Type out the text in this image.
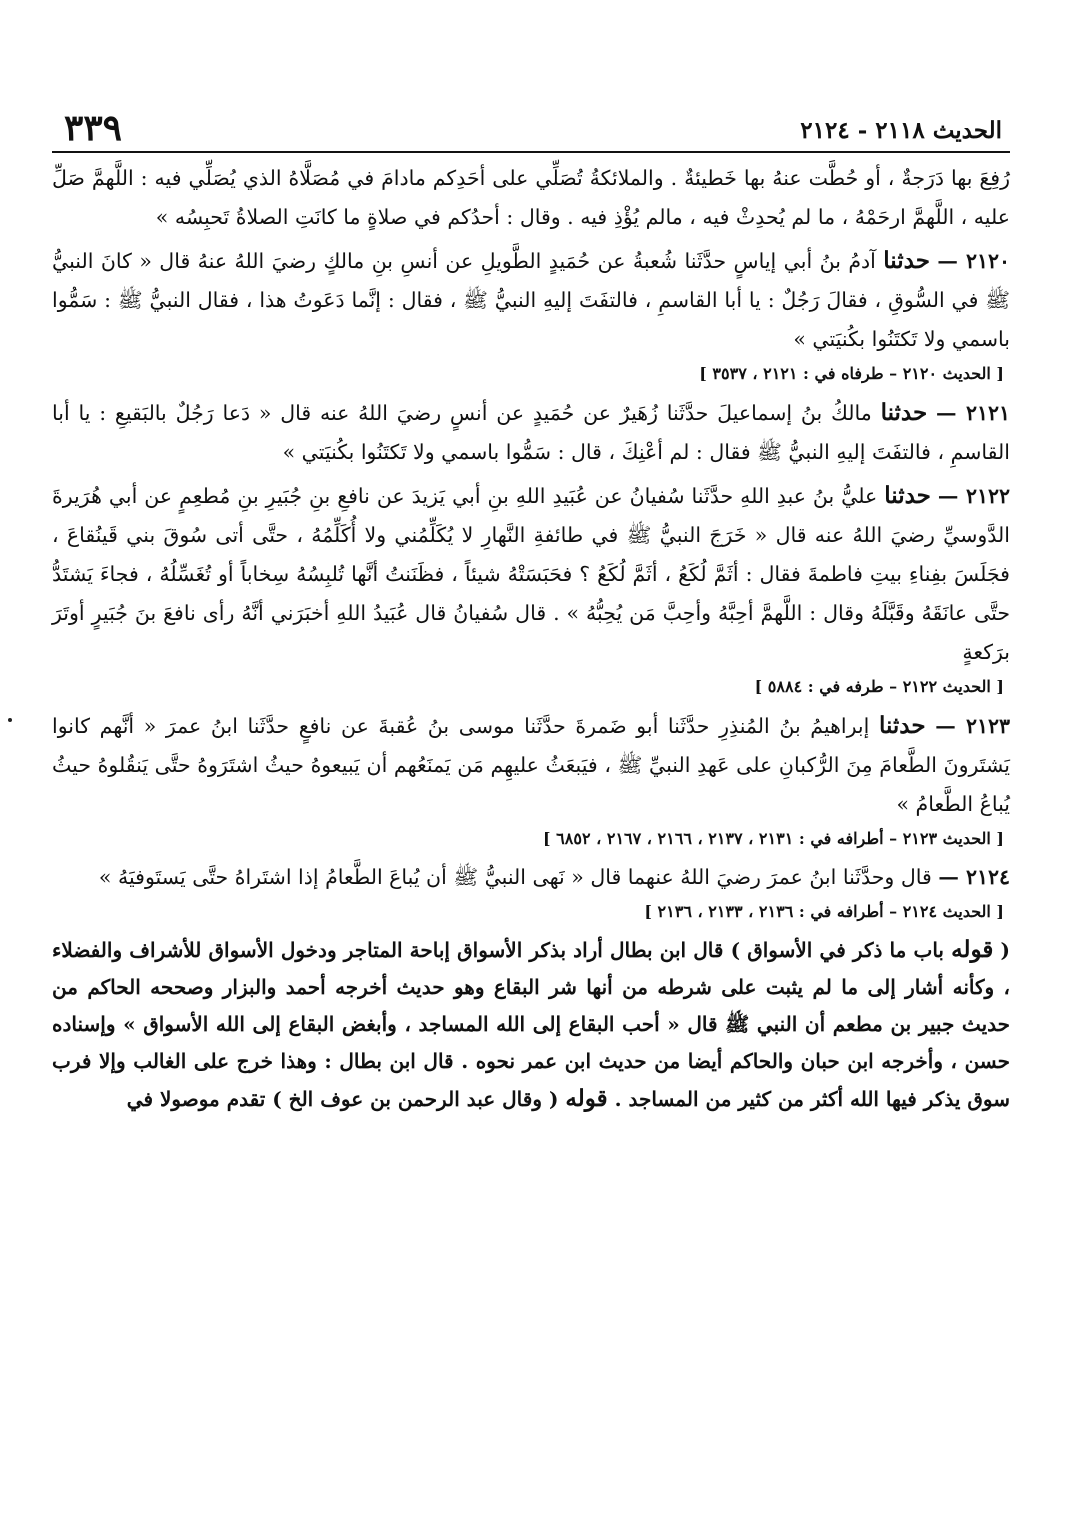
٣٣٩	الحديث ٢١١٨ - ٢١٢٤

رُفِعَ بها دَرَجةٌ ، أو حُطَّت عنهُ بها خَطيئةٌ . والملائكةُ تُصَلِّي على أحَدِكم مادامَ في مُصَلَّاهُ الذي يُصَلِّي فيه : اللَّهمَّ صَلِّ عليه ، اللَّهمَّ ارحَمْهُ ، ما لم يُحدِثْ فيه ، مالم يُؤْذِ فيه . وقال : أحدُكم في صلاةٍ ما كانَتِ الصلاةُ تَحبِسُه »

٢١٢٠ — حدثنا آدمُ بنُ أبي إياسٍ حدَّثَنا شُعبةُ عن حُمَيدٍ الطَّويلِ عن أنسِ بنِ مالكٍ رضيَ اللهُ عنهُ قال « كانَ النبيُّ ﷺ في السُّوقِ ، فقالَ رَجُلٌ : يا أبا القاسمِ ، فالتفَتَ إليهِ النبيُّ ﷺ ، فقال : إنَّما دَعَوتُ هذا ، فقال النبيُّ ﷺ : سَمُّوا باسمي ولا تَكتَنُوا بكُنيَتي »

[ الحديث ٢١٢٠ – طرفاه في : ٢١٢١ ، ٣٥٣٧ ]

٢١٢١ — حدثنا مالكُ بنُ إسماعيلَ حدَّثَنا زُهَيرٌ عن حُمَيدٍ عن أنسٍ رضيَ اللهُ عنه قال « دَعا رَجُلٌ بالبَقيعِ : يا أبا القاسمِ ، فالتفَتَ إليهِ النبيُّ ﷺ فقال : لم أعْنِكَ ، قال : سَمُّوا باسمي ولا تَكتَنُوا بكُنيَتي »

٢١٢٢ — حدثنا عليُّ بنُ عبدِ اللهِ حدَّثَنا سُفيانُ عن عُبَيدِ اللهِ بنِ أبي يَزيدَ عن نافعِ بنِ جُبَيرِ بنِ مُطعِمٍ عن أبي هُرَيرةَ الدَّوسيِّ رضيَ اللهُ عنه قال « خَرَجَ النبيُّ ﷺ في طائفةِ النَّهارِ لا يُكَلِّمُني ولا أُكَلِّمُهُ ، حتَّى أتى سُوقَ بني قَينُقاعَ ، فجَلَسَ بفِناءِ بيتِ فاطمةَ فقال : أثَمَّ لُكَعُ ، أثَمَّ لُكَعُ ؟ فحَبَسَتْهُ شيئاً ، فظَنَنتُ أنَّها تُلبِسُهُ سِخاباً أو تُغَسِّلُهُ ، فجاءَ يَشتَدُّ حتَّى عانَقَهُ وقَبَّلَهُ وقال : اللَّهمَّ أحِبَّهُ وأحِبَّ مَن يُحِبُّهُ » . قال سُفيانُ قال عُبَيدُ اللهِ أخبَرَني أنَّهُ رأى نافعَ بنَ جُبَيرٍ أوتَرَ برَكعةٍ

[ الحديث ٢١٢٢ – طرفه في : ٥٨٨٤ ]

٢١٢٣ — حدثنا إبراهيمُ بنُ المُنذِرِ حدَّثَنا أبو ضَمرةَ حدَّثَنا موسى بنُ عُقبةَ عن نافعٍ حدَّثَنا ابنُ عمرَ « أنَّهم كانوا يَشتَرونَ الطَّعامَ مِنَ الرُّكبانِ على عَهدِ النبيِّ ﷺ ، فيَبعَثُ عليهِم مَن يَمنَعُهم أن يَبيعوهُ حيثُ اشتَرَوهُ حتَّى يَنقُلوهُ حيثُ يُباعُ الطَّعامُ »

[ الحديث ٢١٢٣ – أطرافه في : ٢١٣١ ، ٢١٣٧ ، ٢١٦٦ ، ٢١٦٧ ، ٦٨٥٢ ]

٢١٢٤ — قال وحدَّثَنا ابنُ عمرَ رضيَ اللهُ عنهما قال « نَهى النبيُّ ﷺ أن يُباعَ الطَّعامُ إذا اشتَراهُ حتَّى يَستَوفيَهُ »

[ الحديث ٢١٢٤ – أطرافه في : ٢١٣٦ ، ٢١٣٣ ، ٢١٣٦ ]

( قوله باب ما ذكر في الأسواق ) قال ابن بطال أراد بذكر الأسواق إباحة المتاجر ودخول الأسواق للأشراف والفضلاء ، وكأنه أشار إلى ما لم يثبت على شرطه من أنها شر البقاع وهو حديث أخرجه أحمد والبزار وصححه الحاكم من حديث جبير بن مطعم أن النبي ﷺ قال « أحب البقاع إلى الله المساجد ، وأبغض البقاع إلى الله الأسواق » وإسناده حسن ، وأخرجه ابن حبان والحاكم أيضا من حديث ابن عمر نحوه . قال ابن بطال : وهذا خرج على الغالب وإلا فرب سوق يذكر فيها الله أكثر من كثير من المساجد . قوله ( وقال عبد الرحمن بن عوف الخ ) تقدم موصولا في
